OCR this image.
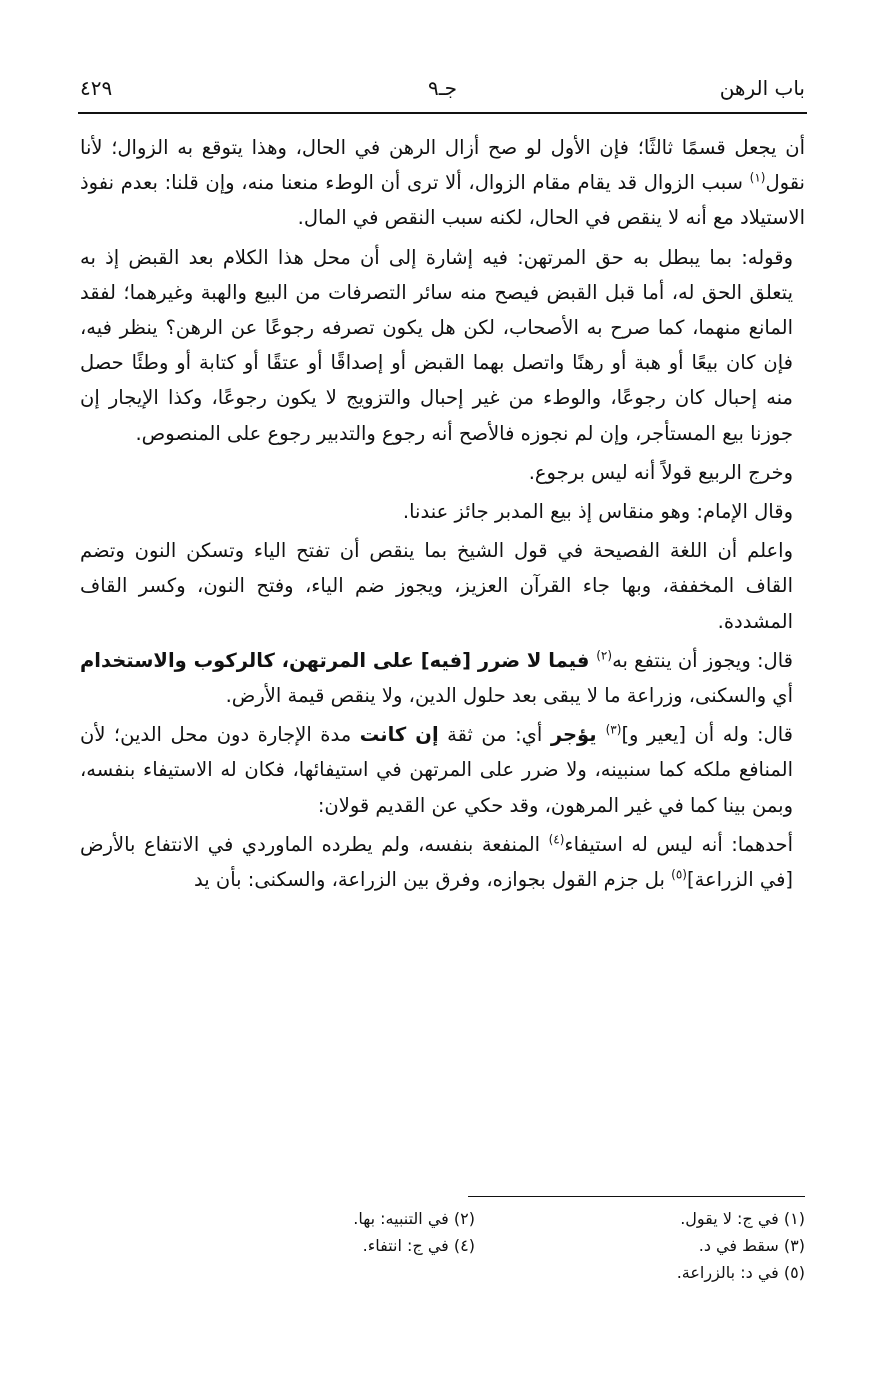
باب الرهن
جـ٩
٤٢٩

أن يجعل قسمًا ثالثًا؛ فإن الأول لو صح أزال الرهن في الحال، وهذا يتوقع به الزوال؛ لأنا نقول$^{(١)}$ سبب الزوال قد يقام مقام الزوال، ألا ترى أن الوطء منعنا منه، وإن قلنا: بعدم نفوذ الاستيلاد مع أنه لا ينقص في الحال، لكنه سبب النقص في المال.

وقوله: بما يبطل به حق المرتهن: فيه إشارة إلى أن محل هذا الكلام بعد القبض إذ به يتعلق الحق له، أما قبل القبض فيصح منه سائر التصرفات من البيع والهبة وغيرهما؛ لفقد المانع منهما، كما صرح به الأصحاب، لكن هل يكون تصرفه رجوعًا عن الرهن؟ ينظر فيه، فإن كان بيعًا أو هبة أو رهنًا واتصل بهما القبض أو إصداقًا أو عتقًا أو كتابة أو وطئًا حصل منه إحبال كان رجوعًا، والوطء من غير إحبال والتزويج لا يكون رجوعًا، وكذا الإيجار إن جوزنا بيع المستأجر، وإن لم نجوزه فالأصح أنه رجوع والتدبير رجوع على المنصوص.

وخرج الربيع قولاً أنه ليس برجوع.

وقال الإمام: وهو منقاس إذ بيع المدبر جائز عندنا.

واعلم أن اللغة الفصيحة في قول الشيخ بما ينقص أن تفتح الياء وتسكن النون وتضم القاف المخففة، وبها جاء القرآن العزيز، ويجوز ضم الياء، وفتح النون، وكسر القاف المشددة.

قال: ويجوز أن ينتفع به$^{(٢)}$ فيما لا ضرر [فيه] على المرتهن، كالركوب والاستخدام أي والسكنى، وزراعة ما لا يبقى بعد حلول الدين، ولا ينقص قيمة الأرض.

قال: وله أن [يعير و]$^{(٣)}$ يؤجر أي: من ثقة إن كانت مدة الإجارة دون محل الدين؛ لأن المنافع ملكه كما سنبينه، ولا ضرر على المرتهن في استيفائها، فكان له الاستيفاء بنفسه، وبمن بينا كما في غير المرهون، وقد حكي عن القديم قولان:

أحدهما: أنه ليس له استيفاء$^{(٤)}$ المنفعة بنفسه، ولم يطرده الماوردي في الانتفاع بالأرض [في الزراعة]$^{(٥)}$ بل جزم القول بجوازه، وفرق بين الزراعة، والسكنى: بأن يد

(١) في ج: لا يقول.
(٢) في التنبيه: بها.
(٣) سقط في د.
(٤) في ج: انتفاء.
(٥) في د: بالزراعة.
